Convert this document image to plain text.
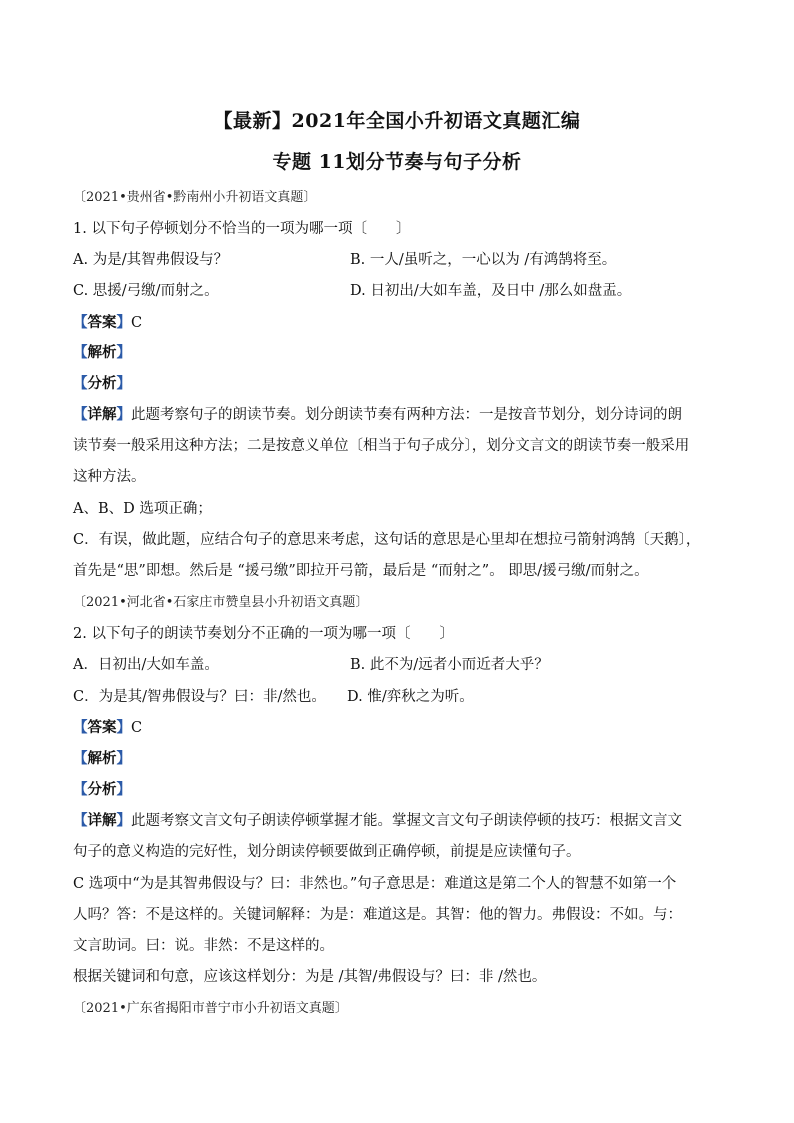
【最新】2021年全国小升初语文真题汇编
专题 11划分节奏与句子分析
〔2021•贵州省•黔南州小升初语文真题〕
1. 以下句子停顿划分不恰当的一项为哪一项〔　　〕
A. 为是/其智弗假设与？	B. 一人/虽听之，一心以为 /有鸿鹄将至。
C. 思援/弓缴/而射之。	D. 日初出/大如车盖，及日中 /那么如盘盂。
【答案】C
【解析】
【分析】
【详解】此题考察句子的朗读节奏。划分朗读节奏有两种方法：一是按音节划分，划分诗词的朗
读节奏一般采用这种方法；二是按意义单位〔相当于句子成分〕，划分文言文的朗读节奏一般采用
这种方法。
A、B、D 选项正确；
C．有误，做此题，应结合句子的意思来考虑，这句话的意思是心里却在想拉弓箭射鸿鹄〔天鹅〕，
首先是“思”即想。然后是 “援弓缴”即拉开弓箭，最后是 “而射之”。 即思/援弓缴/而射之。
〔2021•河北省•石家庄市赞皇县小升初语文真题〕
2. 以下句子的朗读节奏划分不正确的一项为哪一项〔　　〕
A．日初出/大如车盖。	B. 此不为/远者小而近者大乎？
C．为是其/智弗假设与？曰：非/然也。 D. 惟/弈秋之为听。
【答案】C
【解析】
【分析】
【详解】此题考察文言文句子朗读停顿掌握才能。掌握文言文句子朗读停顿的技巧：根据文言文
句子的意义构造的完好性，划分朗读停顿要做到正确停顿，前提是应读懂句子。
C 选项中“为是其智弗假设与？曰：非然也。”句子意思是：难道这是第二个人的智慧不如第一个
人吗？答：不是这样的。关键词解释：为是：难道这是。其智：他的智力。弗假设：不如。与：
文言助词。曰：说。非然：不是这样的。
根据关键词和句意，应该这样划分：为是 /其智/弗假设与？曰：非 /然也。
〔2021•广东省揭阳市普宁市小升初语文真题〕
